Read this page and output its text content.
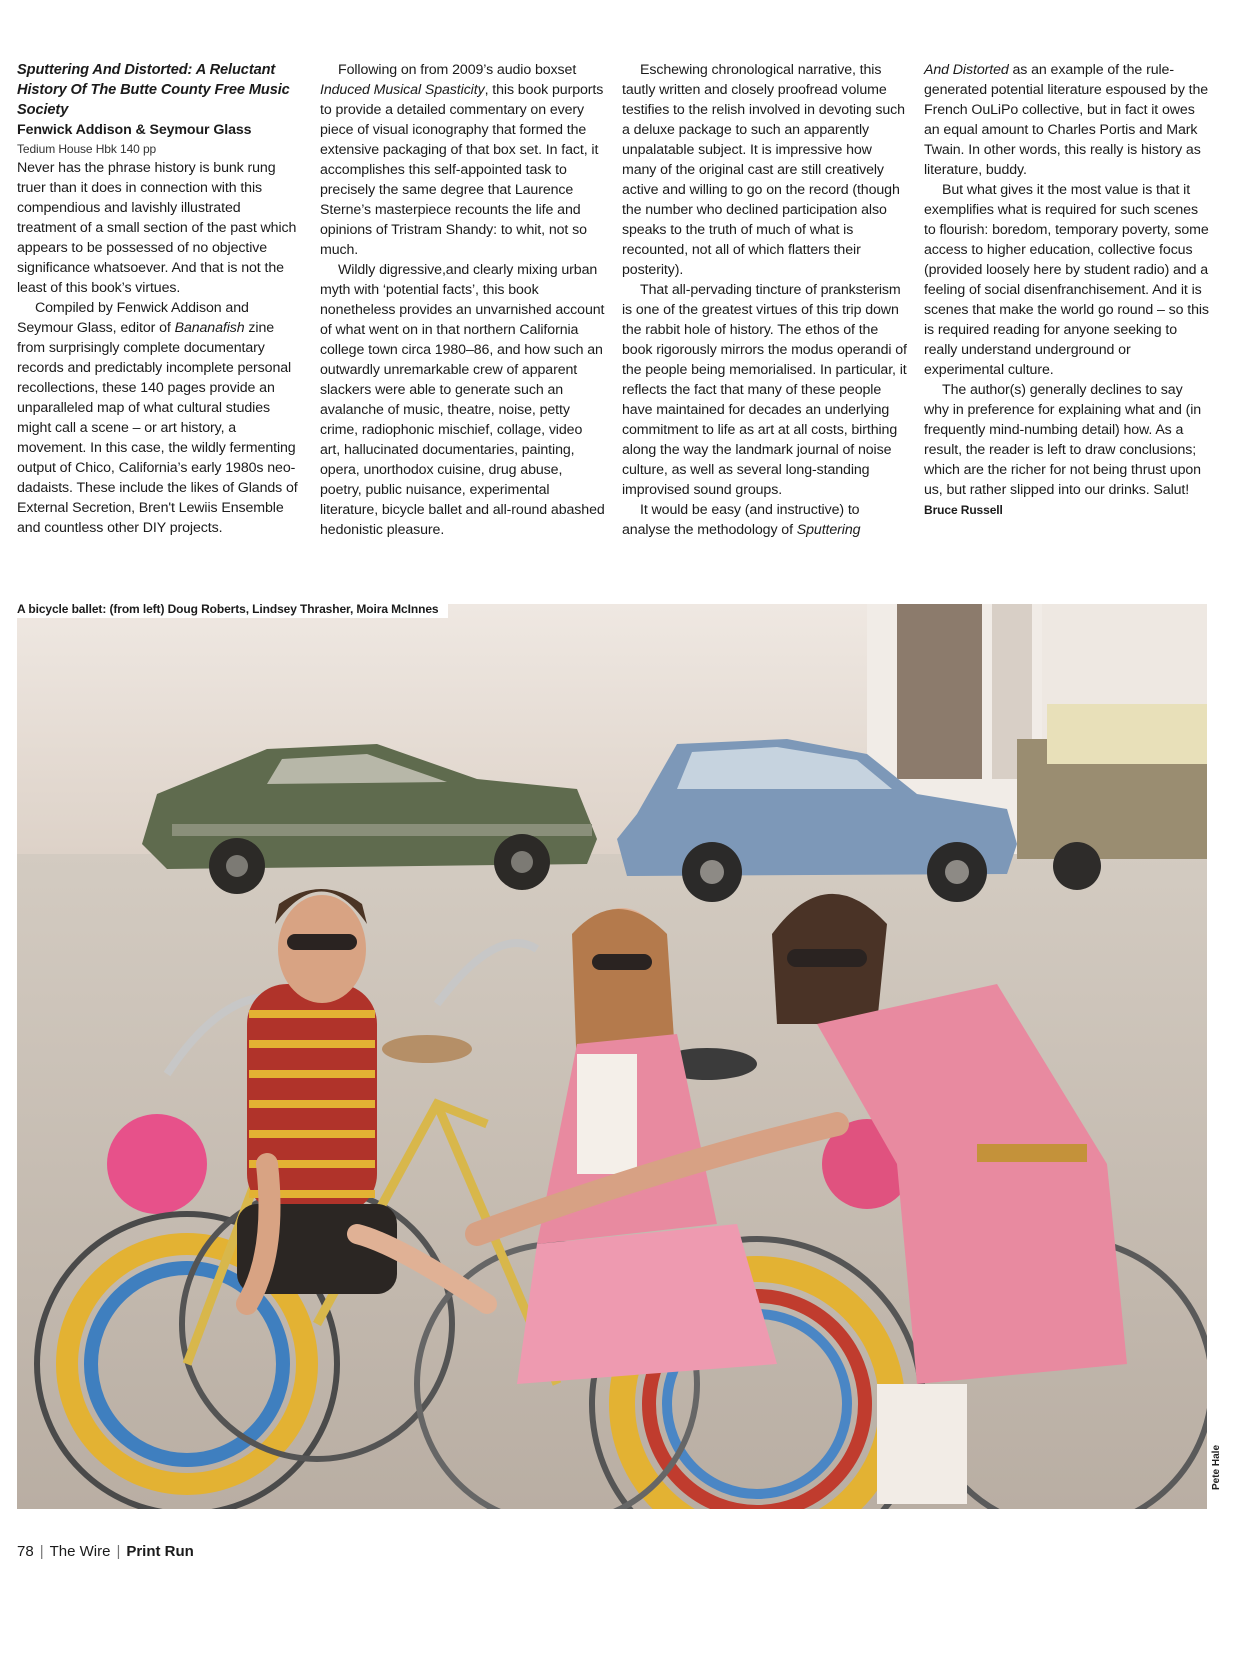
Sputtering And Distorted: A Reluctant History Of The Butte County Free Music Society
Fenwick Addison & Seymour Glass
Tedium House Hbk 140 pp

Never has the phrase history is bunk rung truer than it does in connection with this compendious and lavishly illustrated treatment of a small section of the past which appears to be possessed of no objective significance whatsoever. And that is not the least of this book’s virtues.

Compiled by Fenwick Addison and Seymour Glass, editor of Bananafish zine from surprisingly complete documentary records and predictably incomplete personal recollections, these 140 pages provide an unparalleled map of what cultural studies might call a scene – or art history, a movement. In this case, the wildly fermenting output of Chico, California’s early 1980s neo-dadaists. These include the likes of Glands of External Secretion, Bren't Lewiis Ensemble and countless other DIY projects.

Following on from 2009’s audio boxset Induced Musical Spasticity, this book purports to provide a detailed commentary on every piece of visual iconography that formed the extensive packaging of that box set. In fact, it accomplishes this self-appointed task to precisely the same degree that Laurence Sterne’s masterpiece recounts the life and opinions of Tristram Shandy: to whit, not so much.

Wildly digressive,and clearly mixing urban myth with ‘potential facts’, this book nonetheless provides an unvarnished account of what went on in that northern California college town circa 1980–86, and how such an outwardly unremarkable crew of apparent slackers were able to generate such an avalanche of music, theatre, noise, petty crime, radiophonic mischief, collage, video art, hallucinated documentaries, painting, opera, unorthodox cuisine, drug abuse, poetry, public nuisance, experimental literature, bicycle ballet and all-round abashed hedonistic pleasure.

Eschewing chronological narrative, this tautly written and closely proofread volume testifies to the relish involved in devoting such a deluxe package to such an apparently unpalatable subject. It is impressive how many of the original cast are still creatively active and willing to go on the record (though the number who declined participation also speaks to the truth of much of what is recounted, not all of which flatters their posterity).

That all-pervading tincture of pranksterism is one of the greatest virtues of this trip down the rabbit hole of history. The ethos of the book rigorously mirrors the modus operandi of the people being memorialised. In particular, it reflects the fact that many of these people have maintained for decades an underlying commitment to life as art at all costs, birthing along the way the landmark journal of noise culture, as well as several long-standing improvised sound groups.

It would be easy (and instructive) to analyse the methodology of Sputtering

And Distorted as an example of the rule-generated potential literature espoused by the French OuLiPo collective, but in fact it owes an equal amount to Charles Portis and Mark Twain. In other words, this really is history as literature, buddy.

But what gives it the most value is that it exemplifies what is required for such scenes to flourish: boredom, temporary poverty, some access to higher education, collective focus (provided loosely here by student radio) and a feeling of social disenfranchisement. And it is scenes that make the world go round – so this is required reading for anyone seeking to really understand underground or experimental culture.

The author(s) generally declines to say why in preference for explaining what and (in frequently mind-numbing detail) how. As a result, the reader is left to draw conclusions; which are the richer for not being thrust upon us, but rather slipped into our drinks. Salut!

Bruce Russell
A bicycle ballet: (from left) Doug Roberts, Lindsey Thrasher, Moira McInnes
Pete Hale
78 | The Wire | Print Run
